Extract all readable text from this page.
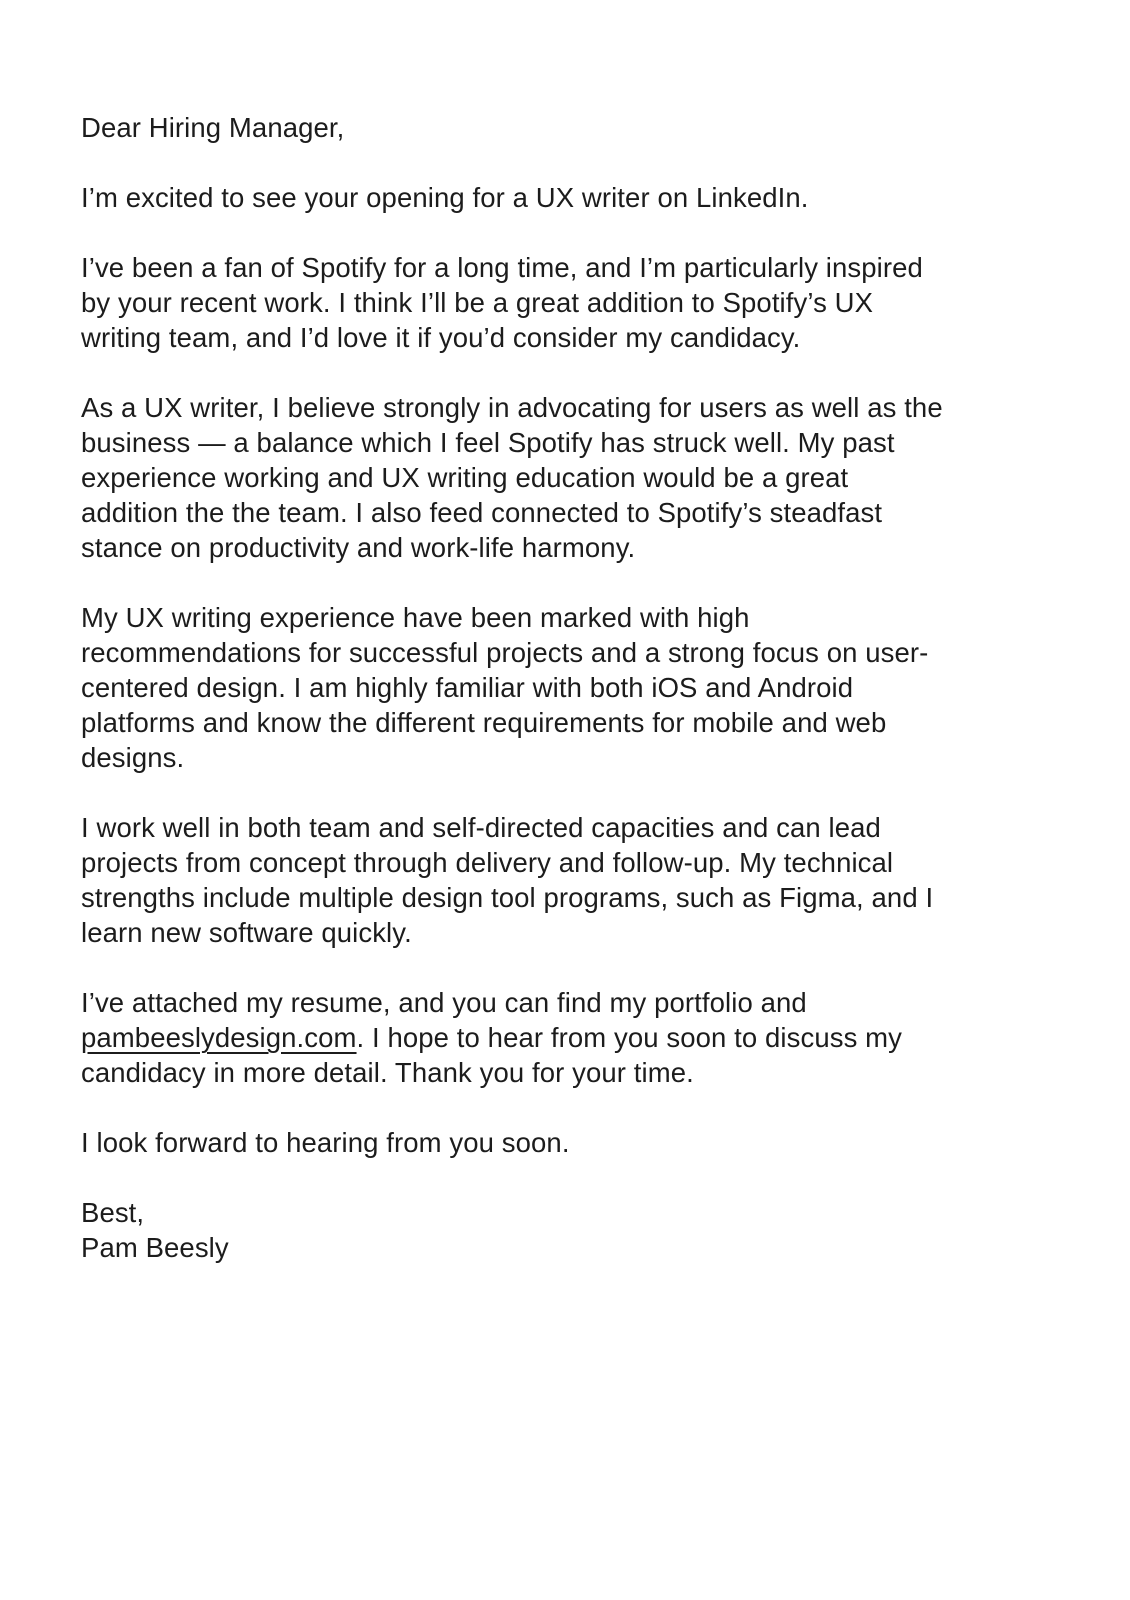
Dear Hiring Manager,

I’m excited to see your opening for a UX writer on LinkedIn.

I’ve been a fan of Spotify for a long time, and I’m particularly inspired
by your recent work. I think I’ll be a great addition to Spotify’s UX
writing team, and I’d love it if you’d consider my candidacy.

As a UX writer, I believe strongly in advocating for users as well as the
business — a balance which I feel Spotify has struck well. My past
experience working and UX writing education would be a great
addition the the team. I also feed connected to Spotify’s steadfast
stance on productivity and work-life harmony.

My UX writing experience have been marked with high
recommendations for successful projects and a strong focus on user-
centered design. I am highly familiar with both iOS and Android
platforms and know the different requirements for mobile and web
designs.

I work well in both team and self-directed capacities and can lead
projects from concept through delivery and follow-up. My technical
strengths include multiple design tool programs, such as Figma, and I
learn new software quickly.

I’ve attached my resume, and you can find my portfolio and
pambeeslydesign.com. I hope to hear from you soon to discuss my
candidacy in more detail. Thank you for your time.

I look forward to hearing from you soon.

Best,
Pam Beesly
